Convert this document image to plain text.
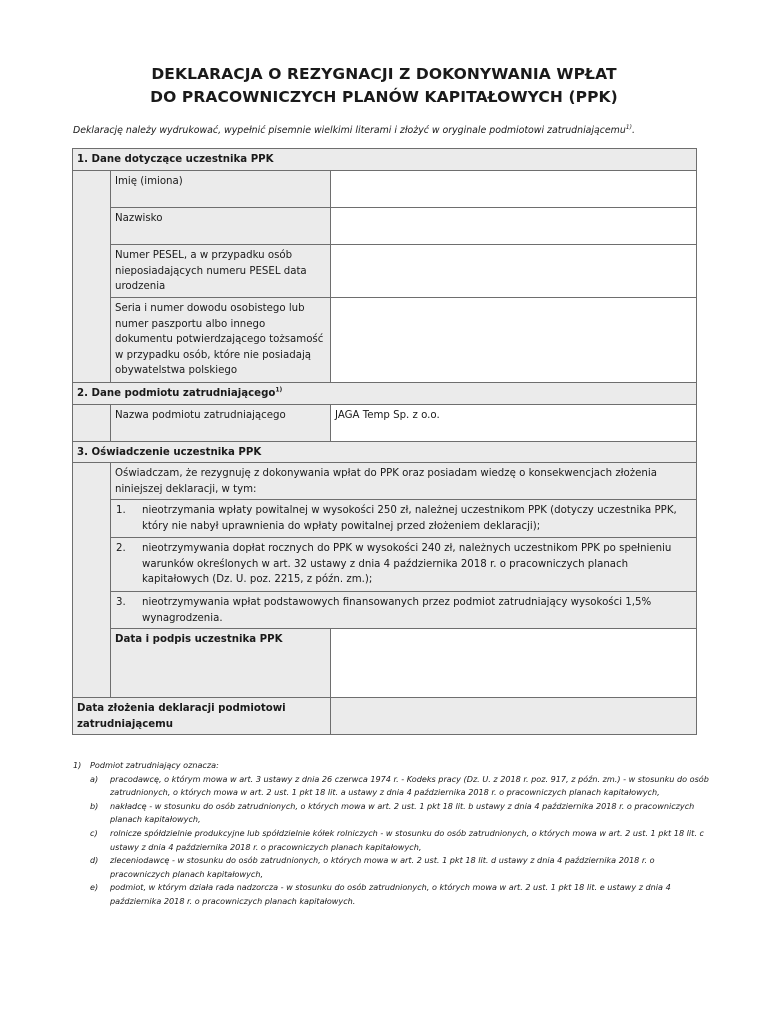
DEKLARACJA O REZYGNACJI Z DOKONYWANIA WPŁAT
DO PRACOWNICZYCH PLANÓW KAPITAŁOWYCH (PPK)
Deklarację należy wydrukować, wypełnić pisemnie wielkimi literami i złożyć w oryginale podmiotowi zatrudniającemu$^{1)}$.
1. Dane dotyczące uczestnika PPK
Imię (imiona)
Nazwisko
Numer PESEL, a w przypadku osób nieposiadających numeru PESEL data urodzenia
Seria i numer dowodu osobistego lub numer paszportu albo innego dokumentu potwierdzającego tożsamość w przypadku osób, które nie posiadają obywatelstwa polskiego
2. Dane podmiotu zatrudniającego$^{1)}$
Nazwa podmiotu zatrudniającego	JAGA Temp Sp. z o.o.
3. Oświadczenie uczestnika PPK
Oświadczam, że rezygnuję z dokonywania wpłat do PPK oraz posiadam wiedzę o konsekwencjach złożenia niniejszej deklaracji, w tym:
1. nieotrzymania wpłaty powitalnej w wysokości 250 zł, należnej uczestnikom PPK (dotyczy uczestnika PPK, który nie nabył uprawnienia do wpłaty powitalnej przed złożeniem deklaracji);
2. nieotrzymywania dopłat rocznych do PPK w wysokości 240 zł, należnych uczestnikom PPK po spełnieniu warunków określonych w art. 32 ustawy z dnia 4 października 2018 r. o pracowniczych planach kapitałowych (Dz. U. poz. 2215, z późn. zm.);
3. nieotrzymywania wpłat podstawowych finansowanych przez podmiot zatrudniający wysokości 1,5% wynagrodzenia.
Data i podpis uczestnika PPK
Data złożenia deklaracji podmiotowi zatrudniającemu
1) Podmiot zatrudniający oznacza:
a) pracodawcę, o którym mowa w art. 3 ustawy z dnia 26 czerwca 1974 r. - Kodeks pracy (Dz. U. z 2018 r. poz. 917, z późn. zm.) - w stosunku do osób zatrudnionych, o których mowa w art. 2 ust. 1 pkt 18 lit. a ustawy z dnia 4 października 2018 r. o pracowniczych planach kapitałowych,
b) nakładcę - w stosunku do osób zatrudnionych, o których mowa w art. 2 ust. 1 pkt 18 lit. b ustawy z dnia 4 października 2018 r. o pracowniczych planach kapitałowych,
c) rolnicze spółdzielnie produkcyjne lub spółdzielnie kółek rolniczych - w stosunku do osób zatrudnionych, o których mowa w art. 2 ust. 1 pkt 18 lit. c ustawy z dnia 4 października 2018 r. o pracowniczych planach kapitałowych,
d) zleceniodawcę - w stosunku do osób zatrudnionych, o których mowa w art. 2 ust. 1 pkt 18 lit. d ustawy z dnia 4 października 2018 r. o pracowniczych planach kapitałowych,
e) podmiot, w którym działa rada nadzorcza - w stosunku do osób zatrudnionych, o których mowa w art. 2 ust. 1 pkt 18 lit. e ustawy z dnia 4 października 2018 r. o pracowniczych planach kapitałowych.
